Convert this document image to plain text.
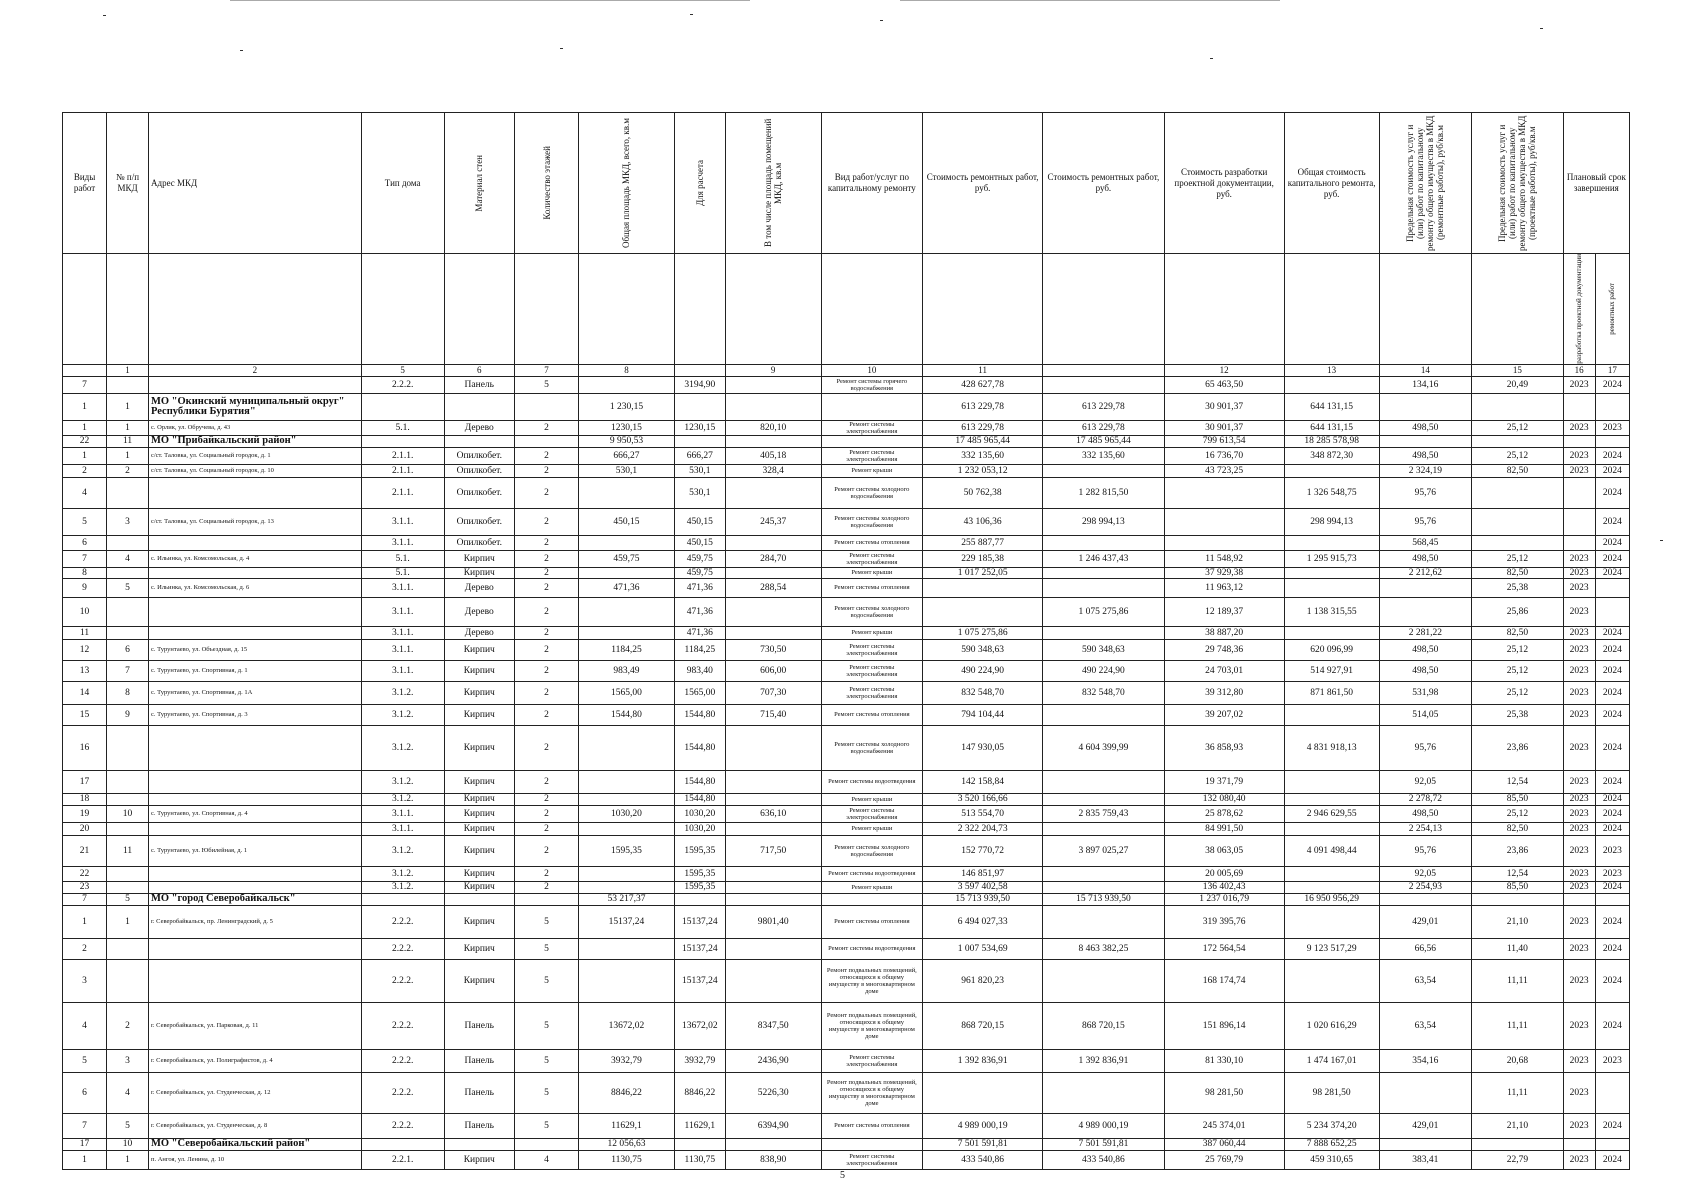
Виды работ	№ п/п МКД	Адрес МКД	Тип дома	Материал стен	Количество этажей	Общая площадь МКД, всего, кв.м	Для расчета	В том числе площадь помещений МКД, кв.м	Вид работ/услуг по капитальному ремонту	Стоимость ремонтных работ, руб.	Стоимость ремонтных работ, руб.	Стоимость разработки проектной документации, руб.	Общая стоимость капитального ремонта, руб.	Предельная стоимость услуг и (или) работ по капитальному ремонту общего имущества в МКД (ремонтные работы), руб/кв.м	Предельная стоимость услуг и (или) работ по капитальному ремонту общего имущества в МКД (проектные работы), руб/кв.м	Плановый срок завершения	

																разработка проектной документации	ремонтных работ

	1	2	5	6	7	8		9	10	11		12	13	14	15	16	17
7			2.2.2.	Панель	5		3194,90		Ремонт системы горячего водоснабжения	428 627,78		65 463,50		134,16	20,49	2023	2024
1	1	МО "Окинский муниципальный округ" Республики Бурятия"				1 230,15				613 229,78	613 229,78	30 901,37	644 131,15				
1	1	с. Орлик, ул. Обручева, д. 43	5.1.	Дерево	2	1230,15	1230,15	820,10	Ремонт системы электроснабжения	613 229,78	613 229,78	30 901,37	644 131,15	498,50	25,12	2023	2023
22	11	МО "Прибайкальский район"				9 950,53				17 485 965,44	17 485 965,44	799 613,54	18 285 578,98				
1	1	с/ст. Таловка, ул. Социальный городок, д. 1	2.1.1.	Опилкобет.	2	666,27	666,27	405,18	Ремонт системы электроснабжения	332 135,60	332 135,60	16 736,70	348 872,30	498,50	25,12	2023	2024
2	2	с/ст. Таловка, ул. Социальный городок, д. 10	2.1.1.	Опилкобет.	2	530,1	530,1	328,4	Ремонт крыши	1 232 053,12		43 723,25		2 324,19	82,50	2023	2024
4			2.1.1.	Опилкобет.	2		530,1		Ремонт системы холодного водоснабжения	50 762,38	1 282 815,50		1 326 548,75	95,76			2024
5	3	с/ст. Таловка, ул. Социальный городок, д. 13	3.1.1.	Опилкобет.	2	450,15	450,15	245,37	Ремонт системы холодного водоснабжения	43 106,36	298 994,13		298 994,13	95,76			2024
6			3.1.1.	Опилкобет.	2		450,15		Ремонт системы отопления	255 887,77				568,45			2024
7	4	с. Ильинка, ул. Комсомольская, д. 4	5.1.	Кирпич	2	459,75	459,75	284,70	Ремонт системы электроснабжения	229 185,38	1 246 437,43	11 548,92	1 295 915,73	498,50	25,12	2023	2024
8			5.1.	Кирпич	2		459,75		Ремонт крыши	1 017 252,05		37 929,38		2 212,62	82,50	2023	2024
9	5	с. Ильинка, ул. Комсомольская, д. 6	3.1.1.	Дерево	2	471,36	471,36	288,54	Ремонт системы отопления			11 963,12			25,38	2023	
10			3.1.1.	Дерево	2		471,36		Ремонт системы холодного водоснабжения		1 075 275,86	12 189,37	1 138 315,55		25,86	2023	
11			3.1.1.	Дерево	2		471,36		Ремонт крыши	1 075 275,86		38 887,20		2 281,22	82,50	2023	2024
12	6	с. Турунтаево, ул. Объездная, д. 15	3.1.1.	Кирпич	2	1184,25	1184,25	730,50	Ремонт системы электроснабжения	590 348,63	590 348,63	29 748,36	620 096,99	498,50	25,12	2023	2024
13	7	с. Турунтаево, ул. Спортивная, д. 1	3.1.1.	Кирпич	2	983,49	983,40	606,00	Ремонт системы электроснабжения	490 224,90	490 224,90	24 703,01	514 927,91	498,50	25,12	2023	2024
14	8	с. Турунтаево, ул. Спортивная, д. 1А	3.1.2.	Кирпич	2	1565,00	1565,00	707,30	Ремонт системы электроснабжения	832 548,70	832 548,70	39 312,80	871 861,50	531,98	25,12	2023	2024
15	9	с. Турунтаево, ул. Спортивная, д. 3	3.1.2.	Кирпич	2	1544,80	1544,80	715,40	Ремонт системы отопления	794 104,44		39 207,02		514,05	25,38	2023	2024
16			3.1.2.	Кирпич	2		1544,80		Ремонт системы холодного водоснабжения	147 930,05	4 604 399,99	36 858,93	4 831 918,13	95,76	23,86	2023	2024
17			3.1.2.	Кирпич	2		1544,80		Ремонт системы водоотведения	142 158,84		19 371,79		92,05	12,54	2023	2024
18			3.1.2.	Кирпич	2		1544,80		Ремонт крыши	3 520 166,66		132 080,40		2 278,72	85,50	2023	2024
19	10	с. Турунтаево, ул. Спортивная, д. 4	3.1.1.	Кирпич	2	1030,20	1030,20	636,10	Ремонт системы электроснабжения	513 554,70	2 835 759,43	25 878,62	2 946 629,55	498,50	25,12	2023	2024
20			3.1.1.	Кирпич	2		1030,20		Ремонт крыши	2 322 204,73		84 991,50		2 254,13	82,50	2023	2024
21	11	с. Турунтаево, ул. Юбилейная, д. 1	3.1.2.	Кирпич	2	1595,35	1595,35	717,50	Ремонт системы холодного водоснабжения	152 770,72	3 897 025,27	38 063,05	4 091 498,44	95,76	23,86	2023	2023
22			3.1.2.	Кирпич	2		1595,35		Ремонт системы водоотведения	146 851,97		20 005,69		92,05	12,54	2023	2023
23			3.1.2.	Кирпич	2		1595,35		Ремонт крыши	3 597 402,58		136 402,43		2 254,93	85,50	2023	2024
7	5	МО "город Северобайкальск"				53 217,37				15 713 939,50	15 713 939,50	1 237 016,79	16 950 956,29				
1	1	г. Северобайкальск, пр. Ленинградский, д. 5	2.2.2.	Кирпич	5	15137,24	15137,24	9801,40	Ремонт системы отопления	6 494 027,33		319 395,76		429,01	21,10	2023	2024
2			2.2.2.	Кирпич	5		15137,24		Ремонт системы водоотведения	1 007 534,69	8 463 382,25	172 564,54	9 123 517,29	66,56	11,40	2023	2024
3			2.2.2.	Кирпич	5		15137,24		Ремонт подвальных помещений, относящихся к общему имуществу в многоквартирном доме	961 820,23		168 174,74		63,54	11,11	2023	2024
4	2	г. Северобайкальск, ул. Парковая, д. 11	2.2.2.	Панель	5	13672,02	13672,02	8347,50	Ремонт подвальных помещений, относящихся к общему имуществу в многоквартирном доме	868 720,15	868 720,15	151 896,14	1 020 616,29	63,54	11,11	2023	2024
5	3	г. Северобайкальск, ул. Полиграфистов, д. 4	2.2.2.	Панель	5	3932,79	3932,79	2436,90	Ремонт системы электроснабжения	1 392 836,91	1 392 836,91	81 330,10	1 474 167,01	354,16	20,68	2023	2023
6	4	г. Северобайкальск, ул. Студенческая, д. 12	2.2.2.	Панель	5	8846,22	8846,22	5226,30	Ремонт подвальных помещений, относящихся к общему имуществу в многоквартирном доме			98 281,50	98 281,50		11,11	2023	
7	5	г. Северобайкальск, ул. Студенческая, д. 8	2.2.2.	Панель	5	11629,1	11629,1	6394,90	Ремонт системы отопления	4 989 000,19	4 989 000,19	245 374,01	5 234 374,20	429,01	21,10	2023	2024
17	10	МО "Северобайкальский район"				12 056,63				7 501 591,81	7 501 591,81	387 060,44	7 888 652,25				
1	1	п. Ангоя, ул. Ленина, д. 10	2.2.1.	Кирпич	4	1130,75	1130,75	838,90	Ремонт системы электроснабжения	433 540,86	433 540,86	25 769,79	459 310,65	383,41	22,79	2023	2024
5
